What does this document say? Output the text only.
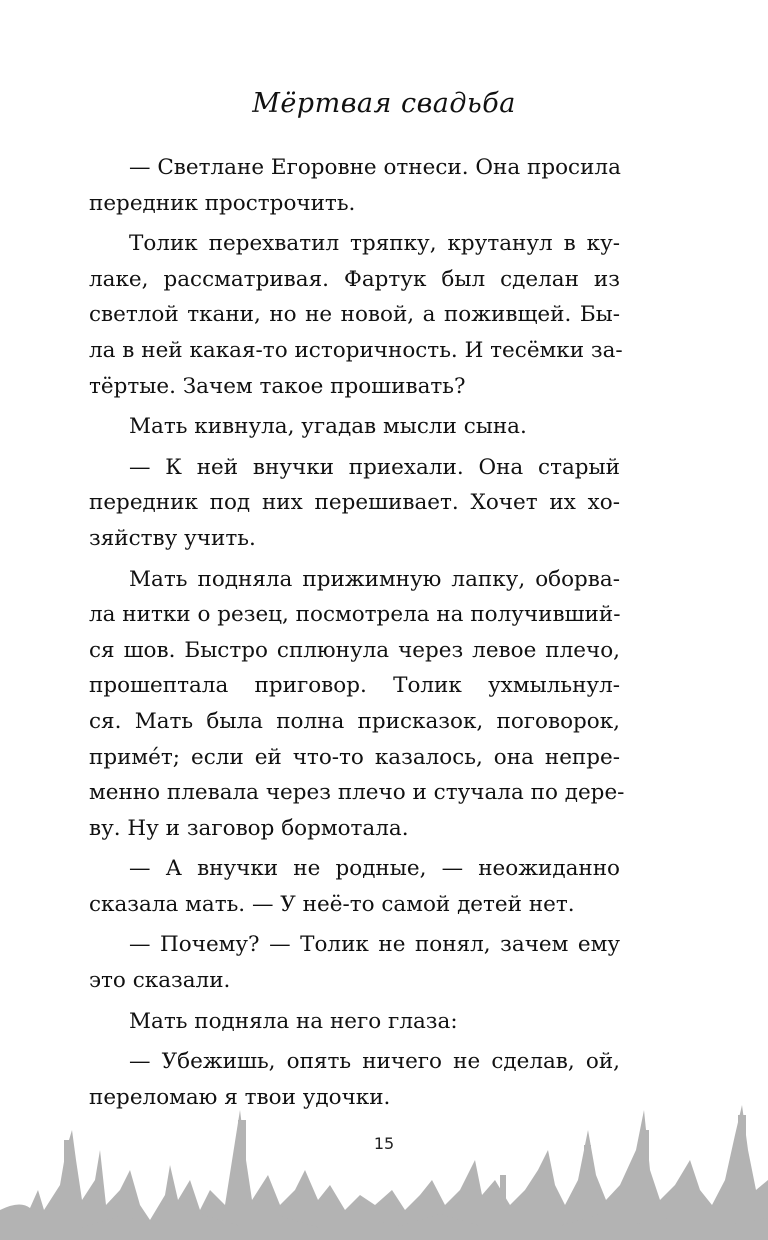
Мёртвая свадьба
— Светлане Егоровне отнеси. Она просила
передник прострочить.
Толик перехватил тряпку, крутанул в ку-
лаке, рассматривая. Фартук был сделан из
светлой ткани, но не новой, а поживщей. Бы-
ла в ней какая-то историчность. И тесёмки за-
тёртые. Зачем такое прошивать?
Мать кивнула, угадав мысли сына.
— К ней внучки приехали. Она старый
передник под них перешивает. Хочет их хо-
зяйству учить.
Мать подняла прижимную лапку, оборва-
ла нитки о резец, посмотрела на получивший-
ся шов. Быстро сплюнула через левое плечо,
прошептала приговор. Толик ухмыльнул-
ся. Мать была полна присказок, поговорок,
примéт; если ей что-то казалось, она непре-
менно плевала через плечо и стучала по дере-
ву. Ну и заговор бормотала.
— А внучки не родные, — неожиданно
сказала мать. — У неё-то самой детей нет.
— Почему? — Толик не понял, зачем ему
это сказали.
Мать подняла на него глаза:
— Убежишь, опять ничего не сделав, ой,
переломаю я твои удочки.
15
